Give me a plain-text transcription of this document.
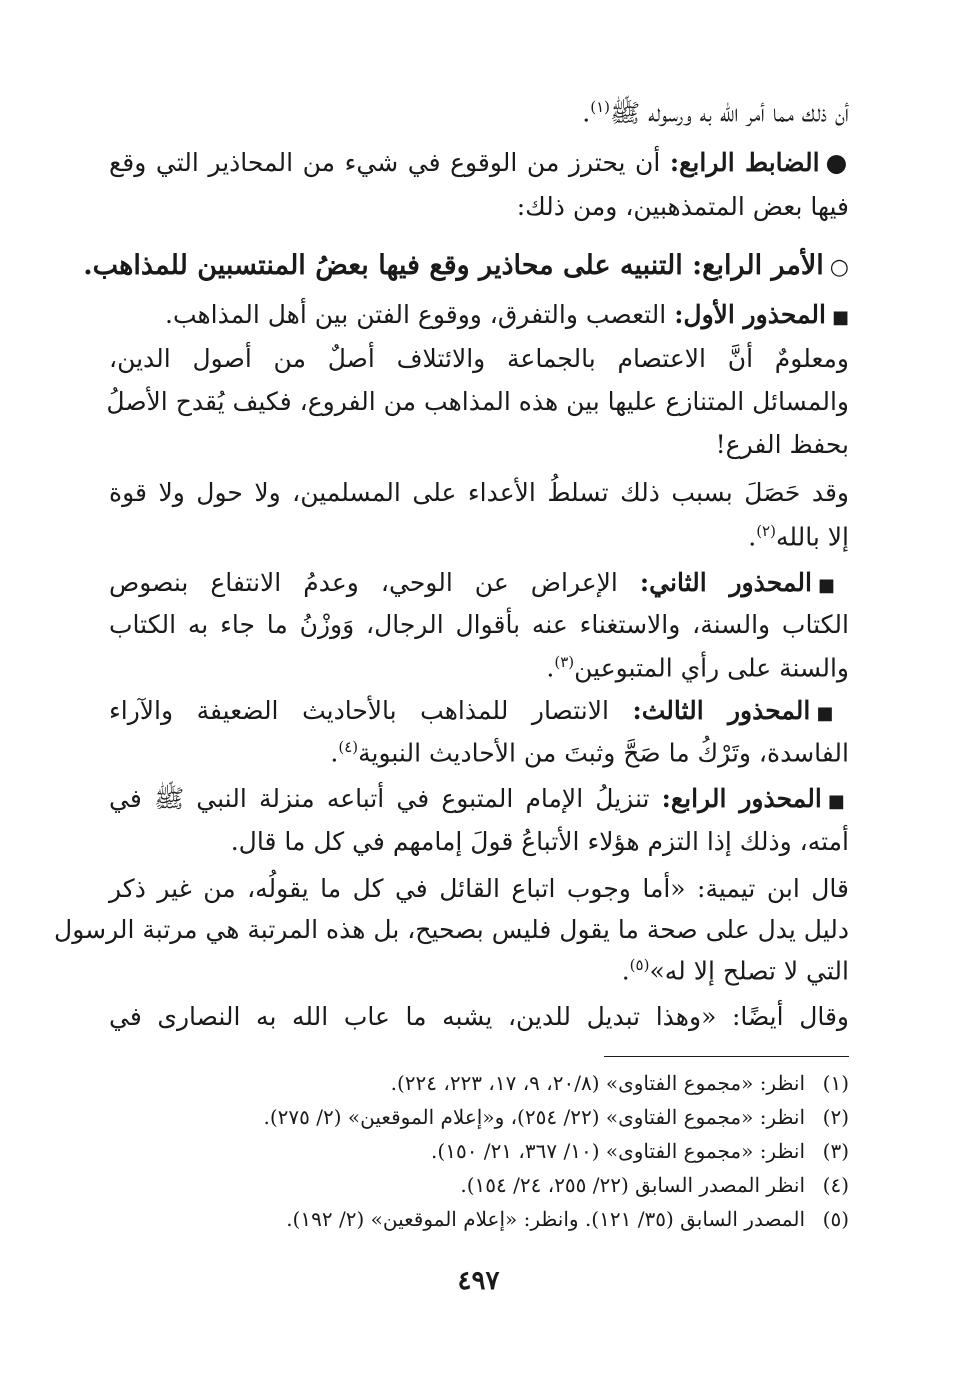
أن ذلك مما أمر الله به ورسوله ﷺ$^{(١)}$.
●الضابط الرابع: أن يحترز من الوقوع في شيء من المحاذير التي وقع
فيها بعض المتمذهبين، ومن ذلك:
○الأمر الرابع: التنبيه على محاذير وقع فيها بعضُ المنتسبين للمذاهب.
■المحذور الأول: التعصب والتفرق، ووقوع الفتن بين أهل المذاهب.
ومعلومٌ أنَّ الاعتصام بالجماعة والائتلاف أصلٌ من أصول الدين،
والمسائل المتنازع عليها بين هذه المذاهب من الفروع، فكيف يُقدح الأصلُ
بحفظ الفرع!
وقد حَصَلَ بسبب ذلك تسلطُ الأعداء على المسلمين، ولا حول ولا قوة
إلا بالله$^{(٢)}$.
■المحذور الثاني: الإعراض عن الوحي، وعدمُ الانتفاع بنصوص
الكتاب والسنة، والاستغناء عنه بأقوال الرجال، وَوزْنُ ما جاء به الكتاب
والسنة على رأي المتبوعين$^{(٣)}$.
■المحذور الثالث: الانتصار للمذاهب بالأحاديث الضعيفة والآراء
الفاسدة، وتَرْكُ ما صَحَّ وثبتَ من الأحاديث النبوية$^{(٤)}$.
■المحذور الرابع: تنزيلُ الإمام المتبوع في أتباعه منزلة النبي ﷺ في
أمته، وذلك إذا التزم هؤلاء الأتباعُ قولَ إمامهم في كل ما قال.
قال ابن تيمية: «أما وجوب اتباع القائل في كل ما يقولُه، من غير ذكر
دليل يدل على صحة ما يقول فليس بصحيح، بل هذه المرتبة هي مرتبة الرسول
التي لا تصلح إلا له»$^{(٥)}$.
وقال أيضًا: «وهذا تبديل للدين، يشبه ما عاب الله به النصارى في
(١)انظر: «مجموع الفتاوى» (٢٠/٨، ٩، ١٧، ٢٢٣، ٢٢٤).
(٢)انظر: «مجموع الفتاوى» (٢٢/ ٢٥٤)، و«إعلام الموقعين» (٢/ ٢٧٥).
(٣)انظر: «مجموع الفتاوى» (١٠/ ٣٦٧، ٢١/ ١٥٠).
(٤)انظر المصدر السابق (٢٢/ ٢٥٥، ٢٤/ ١٥٤).
(٥)المصدر السابق (٣٥/ ١٢١). وانظر: «إعلام الموقعين» (٢/ ١٩٢).
٤٩٧
